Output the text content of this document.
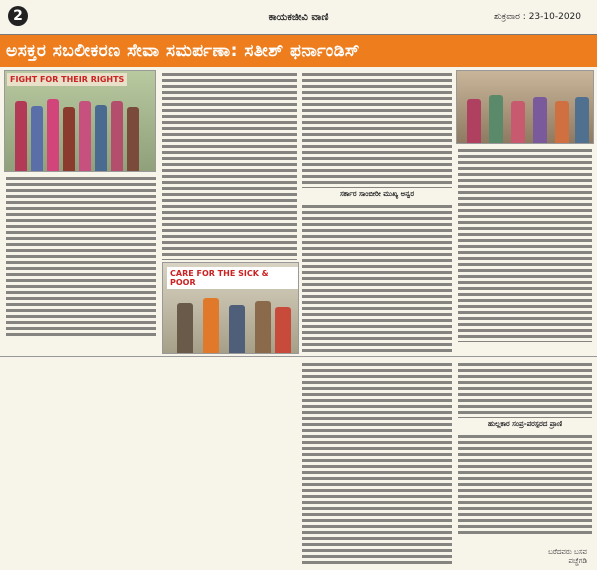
2	ಕಾಯಕಜೀವಿ ವಾಣಿ	ಶುಕ್ರವಾರ : 23-10-2020
ಅಸಕ್ತರ ಸಬಲೀಕರಣ ಸೇವಾ ಸಮರ್ಪಣಾ: ಸತೀಶ್ ಫರ್ನಾಂಡಿಸ್
FIGHT FOR THEIR RIGHTS
CARE FOR THE SICK & POOR
ಸರ್ಕಾರ ಸಾಂಬೀರೀ ಮುಖ್ಯ ಅನ್ವರ
ಹುಲ್ಲಕಾರ ಸಂಪ್ರ-ಪರಸ್ಪರದ ಪ್ರಾಣಿ
ಬರೆದವರು ಬಸವ
ಪಚ್ಚೆಗಡಿ
